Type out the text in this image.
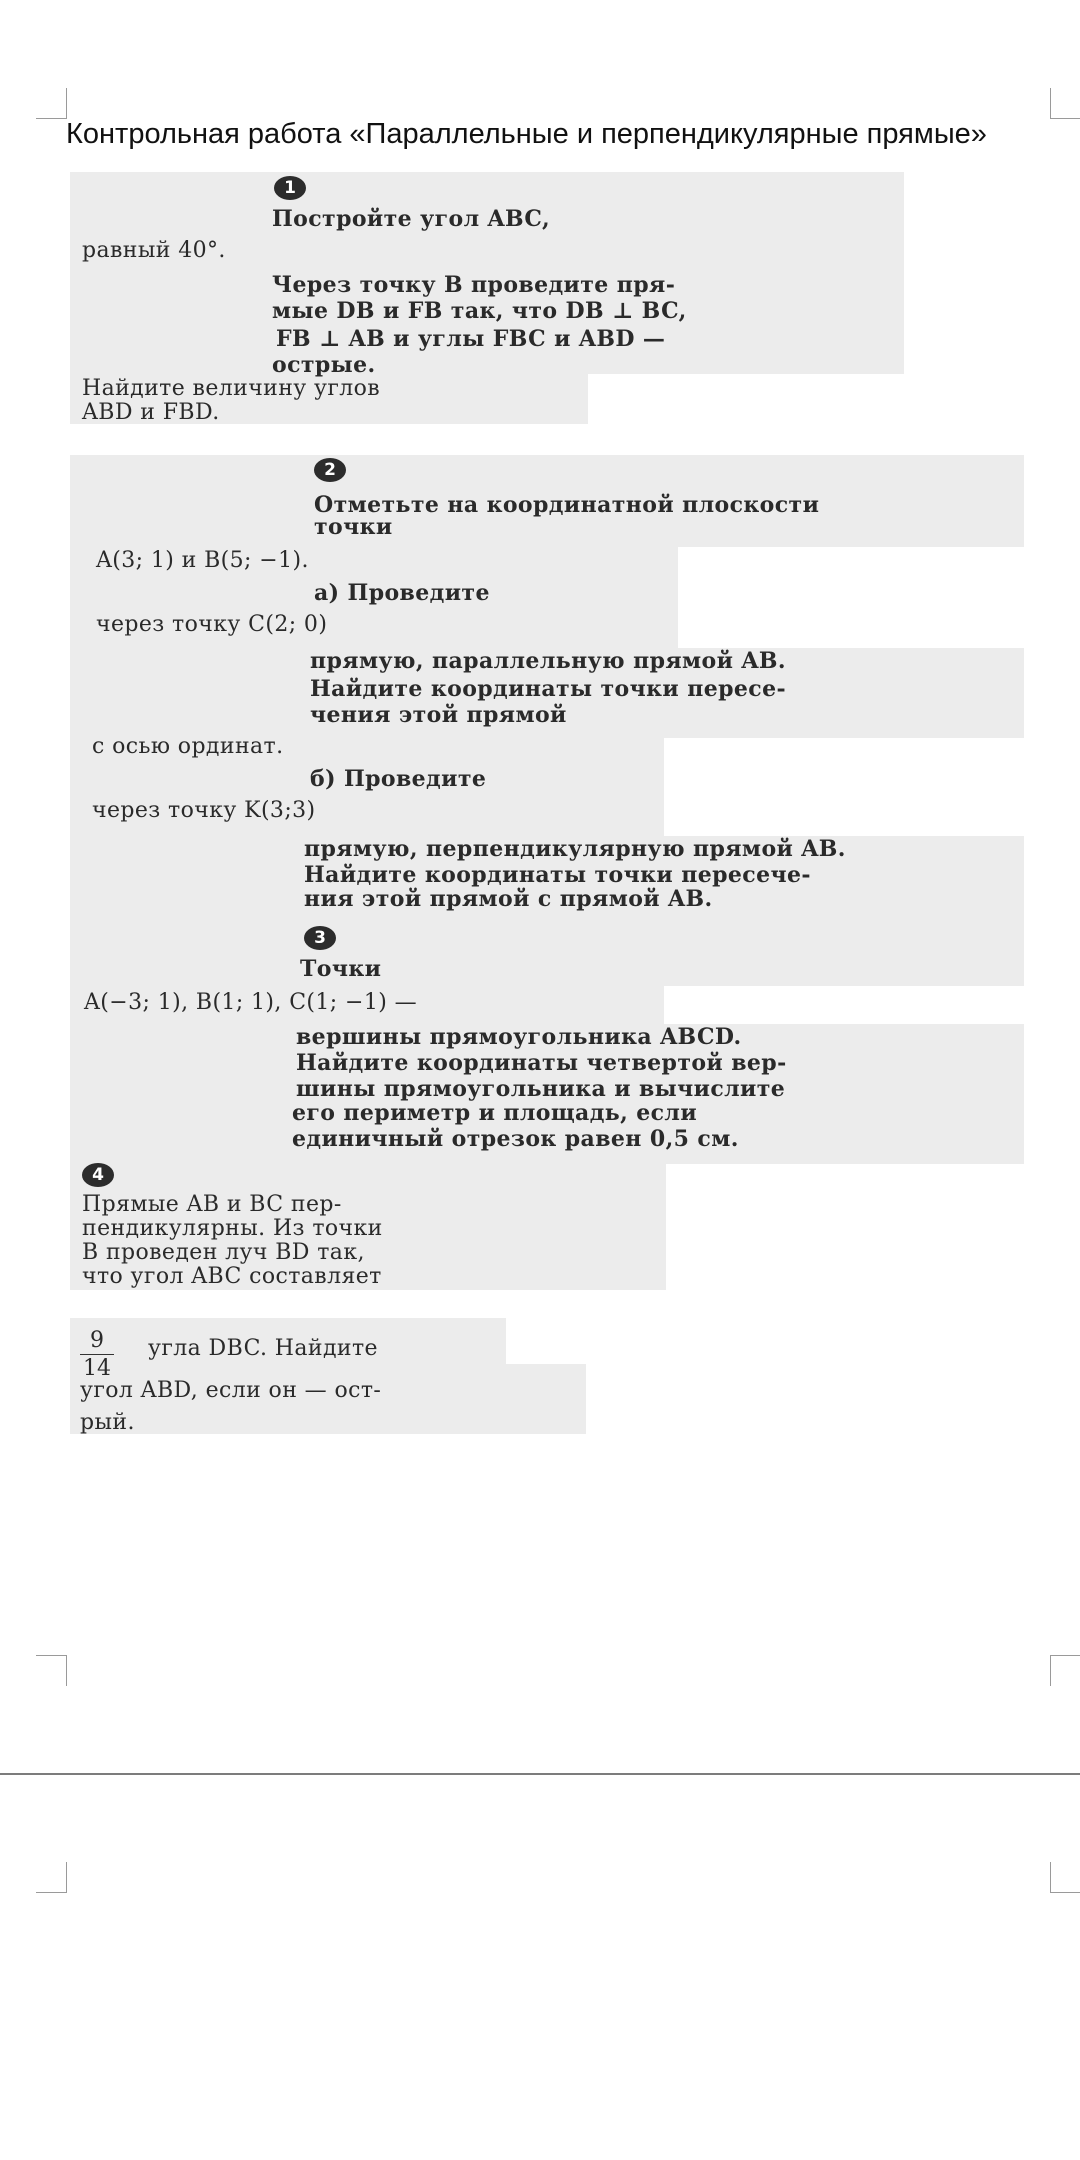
Контрольная работа «Параллельные и перпендикулярные прямые»
1
Постройте угол ABC,
равный 40°.
Через точку B проведите пря-
мые DB и FB так, что DB ⊥ BC,
FB ⊥ AB и углы FBC и ABD —
острые.
Найдите величину углов
ABD и FBD.
2
Отметьте на координатной плоскости
точки
A(3; 1) и B(5; −1).
а) Проведите
через точку C(2; 0)
прямую, параллельную прямой AB.
Найдите координаты точки пересе-
чения этой прямой
с осью ординат.
б) Проведите
через точку K(3;3)
прямую, перпендикулярную прямой AB.
Найдите координаты точки пересече-
ния этой прямой с прямой AB.
3
Точки
A(−3; 1), B(1; 1), C(1; −1) —
вершины прямоугольника ABCD.
Найдите координаты четвертой вер-
шины прямоугольника и вычислите
его периметр и площадь, если
единичный отрезок равен 0,5 см.
4
Прямые AB и BC пер-
пендикулярны. Из точки
B проведен луч BD так,
что угол ABC составляет
9
14
угла DBC. Найдите
угол ABD, если он — ост-
рый.
